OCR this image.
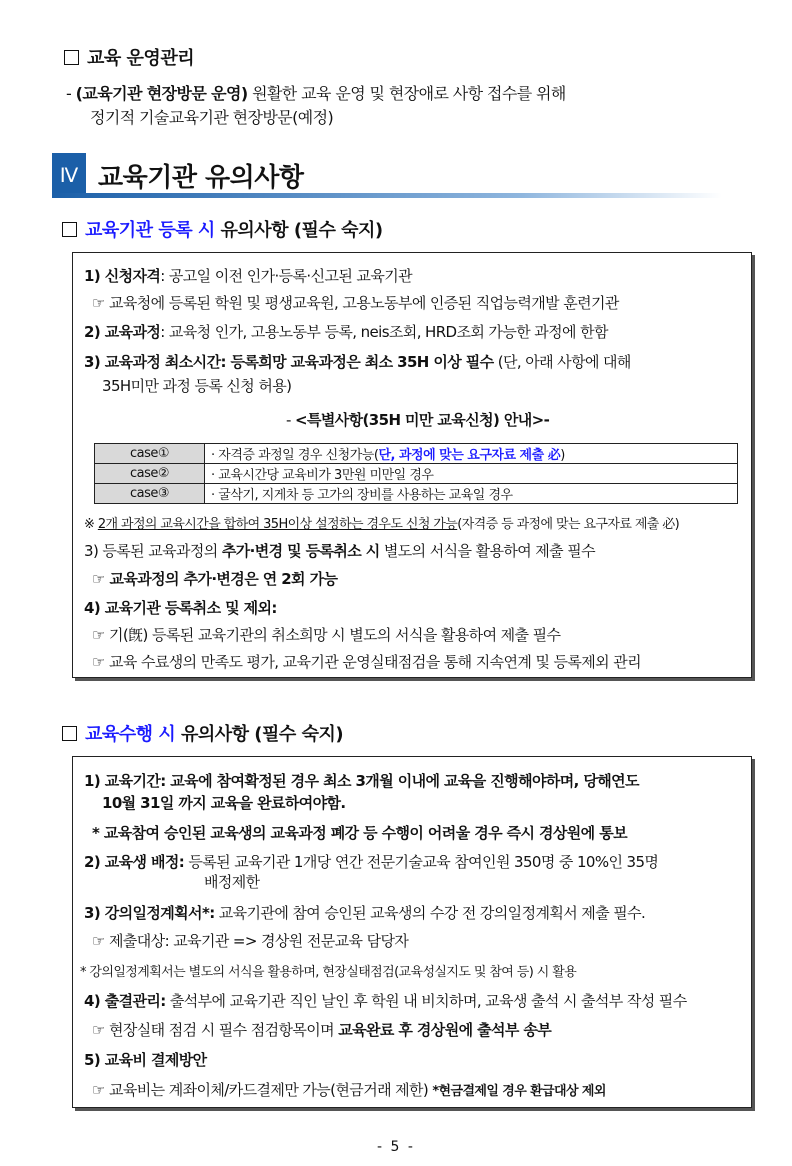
교육 운영관리
- (교육기관 현장방문 운영) 원활한 교육 운영 및 현장애로 사항 접수를 위해
정기적 기술교육기관 현장방문(예정)
Ⅳ 교육기관 유의사항
교육기관 등록 시 유의사항 (필수 숙지)
1) 신청자격: 공고일 이전 인가·등록·신고된 교육기관
☞ 교육청에 등록된 학원 및 평생교육원, 고용노동부에 인증된 직업능력개발 훈련기관
2) 교육과정: 교육청 인가, 고용노동부 등록, neis조회, HRD조회 가능한 과정에 한함
3) 교육과정 최소시간: 등록희망 교육과정은 최소 35H 이상 필수 (단, 아래 사항에 대해
35H미만 과정 등록 신청 허용)
- <특별사항(35H 미만 교육신청) 안내>-
case①	· 자격증 과정일 경우 신청가능(단, 과정에 맞는 요구자료 제출 必)
case②	· 교육시간당 교육비가 3만원 미만일 경우
case③	· 굴삭기, 지게차 등 고가의 장비를 사용하는 교육일 경우
※ 2개 과정의 교육시간을 합하여 35H이상 설정하는 경우도 신청 가능(자격증 등 과정에 맞는 요구자료 제출 必)
3) 등록된 교육과정의 추가·변경 및 등록취소 시 별도의 서식을 활용하여 제출 필수
☞ 교육과정의 추가·변경은 연 2회 가능
4) 교육기관 등록취소 및 제외:
☞ 기(旣) 등록된 교육기관의 취소희망 시 별도의 서식을 활용하여 제출 필수
☞ 교육 수료생의 만족도 평가, 교육기관 운영실태점검을 통해 지속연계 및 등록제외 관리
교육수행 시 유의사항 (필수 숙지)
1) 교육기간: 교육에 참여확정된 경우 최소 3개월 이내에 교육을 진행해야하며, 당해연도
10월 31일 까지 교육을 완료하여야함.
* 교육참여 승인된 교육생의 교육과정 폐강 등 수행이 어려울 경우 즉시 경상원에 통보
2) 교육생 배정: 등록된 교육기관 1개당 연간 전문기술교육 참여인원 350명 중 10%인 35명
배정제한
3) 강의일정계획서*: 교육기관에 참여 승인된 교육생의 수강 전 강의일정계획서 제출 필수.
☞ 제출대상: 교육기관 => 경상원 전문교육 담당자
* 강의일정계획서는 별도의 서식을 활용하며, 현장실태점검(교육성실지도 및 참여 등) 시 활용
4) 출결관리: 출석부에 교육기관 직인 날인 후 학원 내 비치하며, 교육생 출석 시 출석부 작성 필수
☞ 현장실태 점검 시 필수 점검항목이며 교육완료 후 경상원에 출석부 송부
5) 교육비 결제방안
☞ 교육비는 계좌이체/카드결제만 가능(현금거래 제한) *현금결제일 경우 환급대상 제외
- 5 -
